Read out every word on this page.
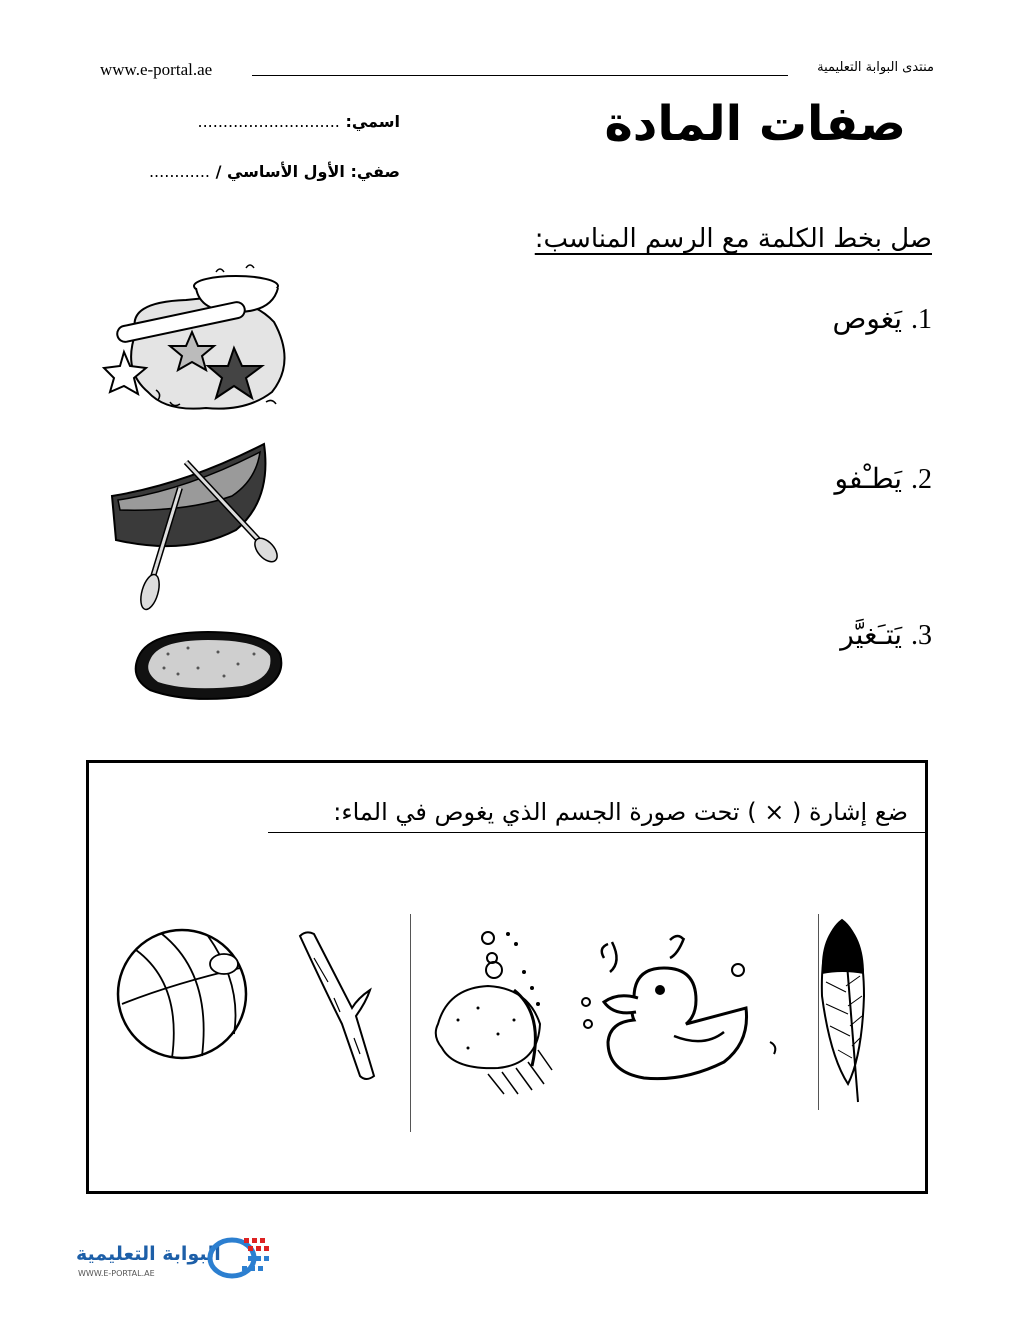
www.e-portal.ae	منتدى البوابة التعليمية
صفات المادة
اسمي: ............................
صفي: الأول الأساسي / ............
صل بخط الكلمة مع الرسم المناسب:
1. يَغوص
2. يَطـْفو
3. يَتـَغيَّر
ضع إشارة ( × ) تحت صورة الجسم الذي يغوص في الماء:
البوابة التعليمية
WWW.E-PORTAL.AE
